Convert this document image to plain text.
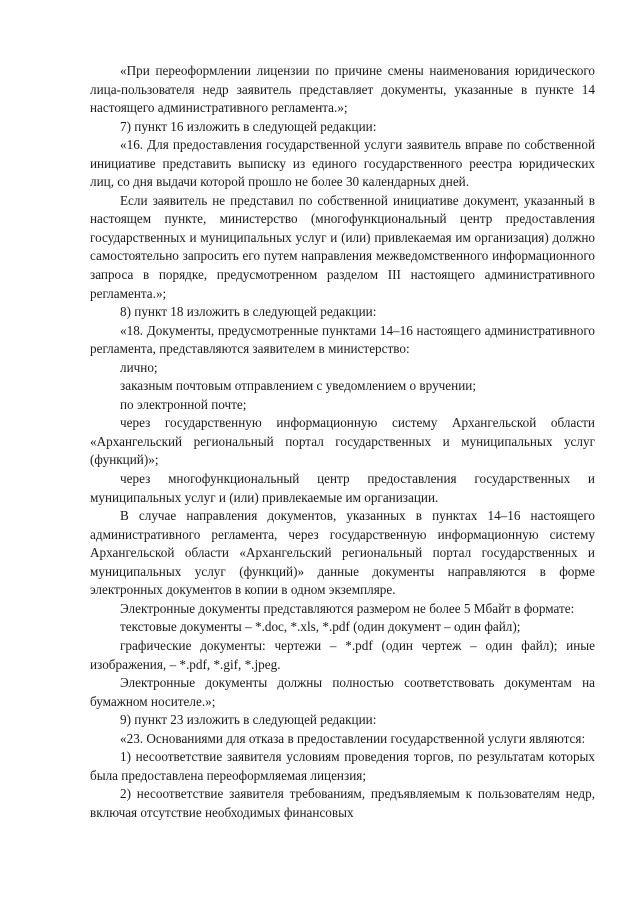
«При переоформлении лицензии по причине смены наименования юридического лица-пользователя недр заявитель представляет документы, указанные в пункте 14 настоящего административного регламента.»;

7) пункт 16 изложить в следующей редакции:

«16. Для предоставления государственной услуги заявитель вправе по собственной инициативе представить выписку из единого государственного реестра юридических лиц, со дня выдачи которой прошло не более 30 календарных дней.

Если заявитель не представил по собственной инициативе документ, указанный в настоящем пункте, министерство (многофункциональный центр предоставления государственных и муниципальных услуг и (или) привлекаемая им организация) должно самостоятельно запросить его путем направления межведомственного информационного запроса в порядке, предусмотренном разделом III настоящего административного регламента.»;

8) пункт 18 изложить в следующей редакции:

«18. Документы, предусмотренные пунктами 14–16 настоящего административного регламента, представляются заявителем в министерство:

лично;

заказным почтовым отправлением с уведомлением о вручении;

по электронной почте;

через государственную информационную систему Архангельской области «Архангельский региональный портал государственных и муниципальных услуг (функций)»;

через многофункциональный центр предоставления государственных и муниципальных услуг и (или) привлекаемые им организации.

В случае направления документов, указанных в пунктах 14–16 настоящего административного регламента, через государственную информационную систему Архангельской области «Архангельский региональный портал государственных и муниципальных услуг (функций)» данные документы направляются в форме электронных документов в копии в одном экземпляре.

Электронные документы представляются размером не более 5 Мбайт в формате:

текстовые документы – *.doc, *.xls, *.pdf (один документ – один файл);

графические документы: чертежи – *.pdf (один чертеж – один файл); иные изображения, – *.pdf, *.gif, *.jpeg.

Электронные документы должны полностью соответствовать документам на бумажном носителе.»;

9) пункт 23 изложить в следующей редакции:

«23. Основаниями для отказа в предоставлении государственной услуги являются:

1) несоответствие заявителя условиям проведения торгов, по результатам которых была предоставлена переоформляемая лицензия;

2) несоответствие заявителя требованиям, предъявляемым к пользователям недр, включая отсутствие необходимых финансовых
